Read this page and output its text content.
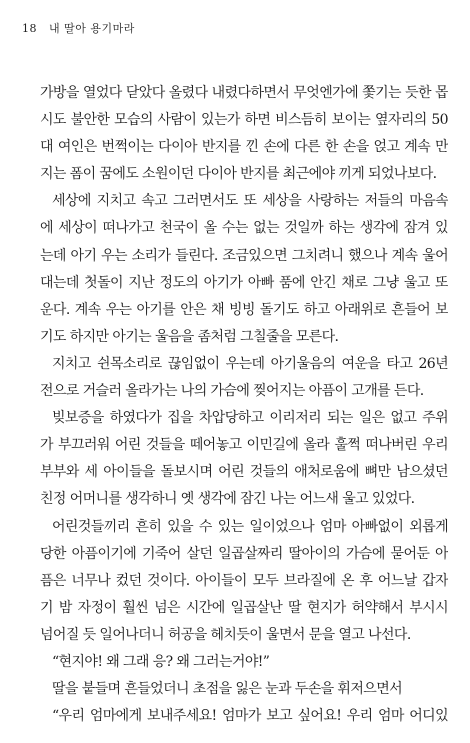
18 내 딸아 용기마라
가방을 열었다 닫았다 올렸다 내렸다하면서 무엇엔가에 쫓기는 듯한 몹
시도 불안한 모습의 사람이 있는가 하면 비스듬히 보이는 옆자리의 50
대 여인은 번쩍이는 다이아 반지를 낀 손에 다른 한 손을 얹고 계속 만
지는 폼이 꿈에도 소원이던 다이아 반지를 최근에야 끼게 되었나보다.
세상에 지치고 속고 그러면서도 또 세상을 사랑하는 저들의 마음속
에 세상이 떠나가고 천국이 올 수는 없는 것일까 하는 생각에 잠겨 있
는데 아기 우는 소리가 들린다. 조금있으면 그치려니 했으나 계속 울어
대는데 첫돌이 지난 정도의 아기가 아빠 품에 안긴 채로 그냥 울고 또
운다. 계속 우는 아기를 안은 채 빙빙 돌기도 하고 아래위로 흔들어 보
기도 하지만 아기는 울음을 좀처럼 그칠줄을 모른다.
지치고 쉰목소리로 끊임없이 우는데 아기울음의 여운을 타고 26년
전으로 거슬러 올라가는 나의 가슴에 찢어지는 아픔이 고개를 든다.
빚보증을 하였다가 집을 차압당하고 이리저리 되는 일은 없고 주위
가 부끄러워 어린 것들을 떼어놓고 이민길에 올라 훌쩍 떠나버린 우리
부부와 세 아이들을 돌보시며 어린 것들의 애처로움에 뼈만 남으셨던
친정 어머니를 생각하니 옛 생각에 잠긴 나는 어느새 울고 있었다.
어린것들끼리 흔히 있을 수 있는 일이었으나 엄마 아빠없이 외롭게
당한 아픔이기에 기죽어 살던 일곱살짜리 딸아이의 가슴에 묻어둔 아
픔은 너무나 컸던 것이다. 아이들이 모두 브라질에 온 후 어느날 갑자
기 밤 자정이 훨씬 넘은 시간에 일곱살난 딸 현지가 허약해서 부시시
넘어질 듯 일어나더니 허공을 헤치듯이 울면서 문을 열고 나선다.
“현지야! 왜 그래 응? 왜 그러는거야!”
딸을 붙들며 흔들었더니 초점을 잃은 눈과 두손을 휘저으면서
“우리 엄마에게 보내주세요! 엄마가 보고 싶어요! 우리 엄마 어디있
